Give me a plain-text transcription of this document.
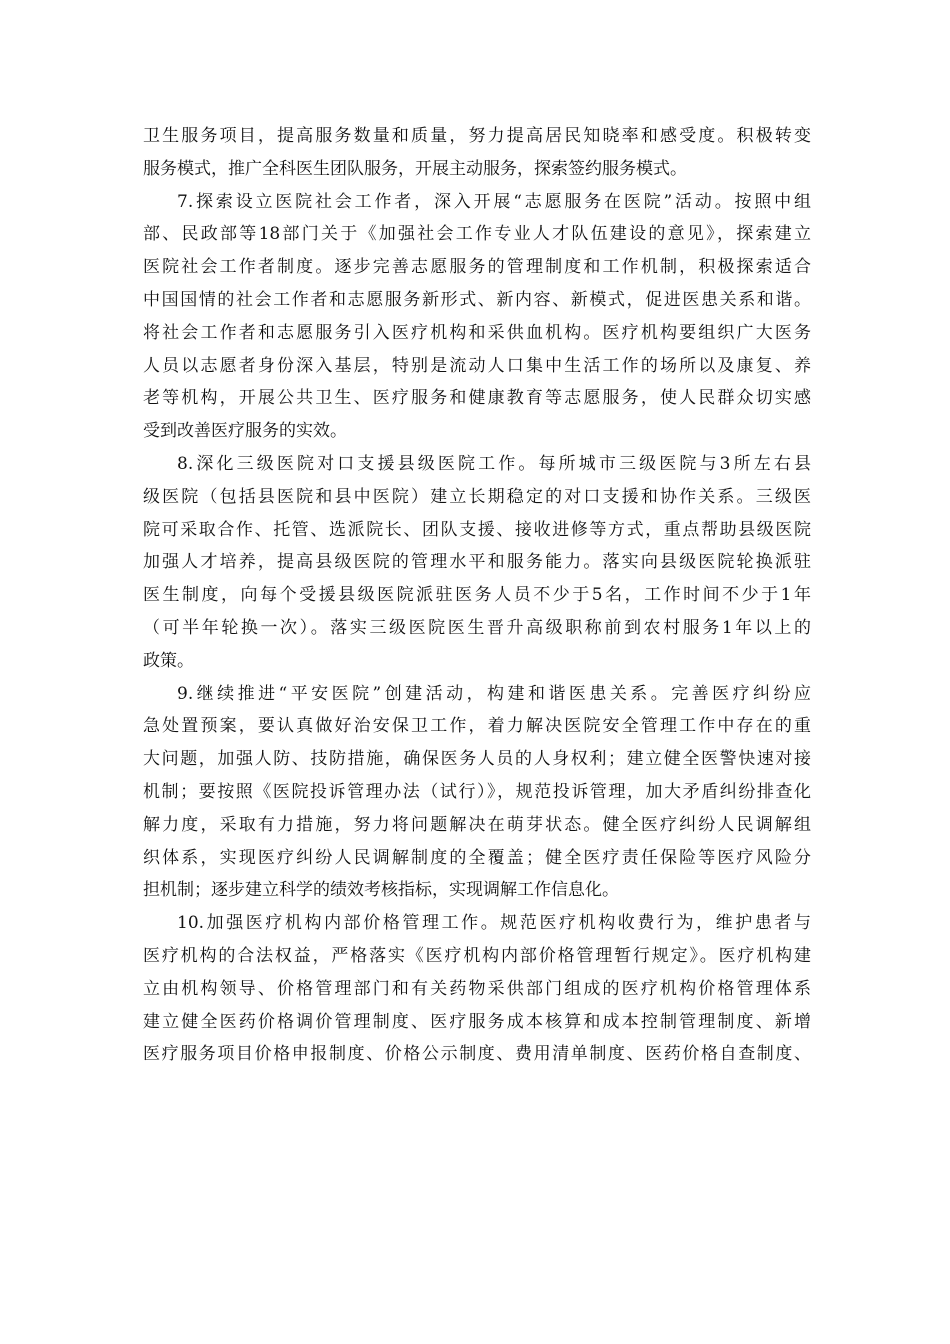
卫生服务项目，提高服务数量和质量，努力提高居民知晓率和感受度。积极转变
服务模式，推广全科医生团队服务，开展主动服务，探索签约服务模式。
7.探索设立医院社会工作者，深入开展“志愿服务在医院”活动。按照中组
部、民政部等18部门关于《加强社会工作专业人才队伍建设的意见》，探索建立
医院社会工作者制度。逐步完善志愿服务的管理制度和工作机制，积极探索适合
中国国情的社会工作者和志愿服务新形式、新内容、新模式，促进医患关系和谐。
将社会工作者和志愿服务引入医疗机构和采供血机构。医疗机构要组织广大医务
人员以志愿者身份深入基层，特别是流动人口集中生活工作的场所以及康复、养
老等机构，开展公共卫生、医疗服务和健康教育等志愿服务，使人民群众切实感
受到改善医疗服务的实效。
8.深化三级医院对口支援县级医院工作。每所城市三级医院与3所左右县
级医院（包括县医院和县中医院）建立长期稳定的对口支援和协作关系。三级医
院可采取合作、托管、选派院长、团队支援、接收进修等方式，重点帮助县级医院
加强人才培养，提高县级医院的管理水平和服务能力。落实向县级医院轮换派驻
医生制度，向每个受援县级医院派驻医务人员不少于5名，工作时间不少于1年
（可半年轮换一次）。落实三级医院医生晋升高级职称前到农村服务1年以上的
政策。
9.继续推进“平安医院”创建活动，构建和谐医患关系。完善医疗纠纷应
急处置预案，要认真做好治安保卫工作，着力解决医院安全管理工作中存在的重
大问题，加强人防、技防措施，确保医务人员的人身权利；建立健全医警快速对接
机制；要按照《医院投诉管理办法（试行）》，规范投诉管理，加大矛盾纠纷排查化
解力度，采取有力措施，努力将问题解决在萌芽状态。健全医疗纠纷人民调解组
织体系，实现医疗纠纷人民调解制度的全覆盖；健全医疗责任保险等医疗风险分
担机制；逐步建立科学的绩效考核指标，实现调解工作信息化。
10.加强医疗机构内部价格管理工作。规范医疗机构收费行为，维护患者与
医疗机构的合法权益，严格落实《医疗机构内部价格管理暂行规定》。医疗机构建
立由机构领导、价格管理部门和有关药物采供部门组成的医疗机构价格管理体系
建立健全医药价格调价管理制度、医疗服务成本核算和成本控制管理制度、新增
医疗服务项目价格申报制度、价格公示制度、费用清单制度、医药价格自查制度、
